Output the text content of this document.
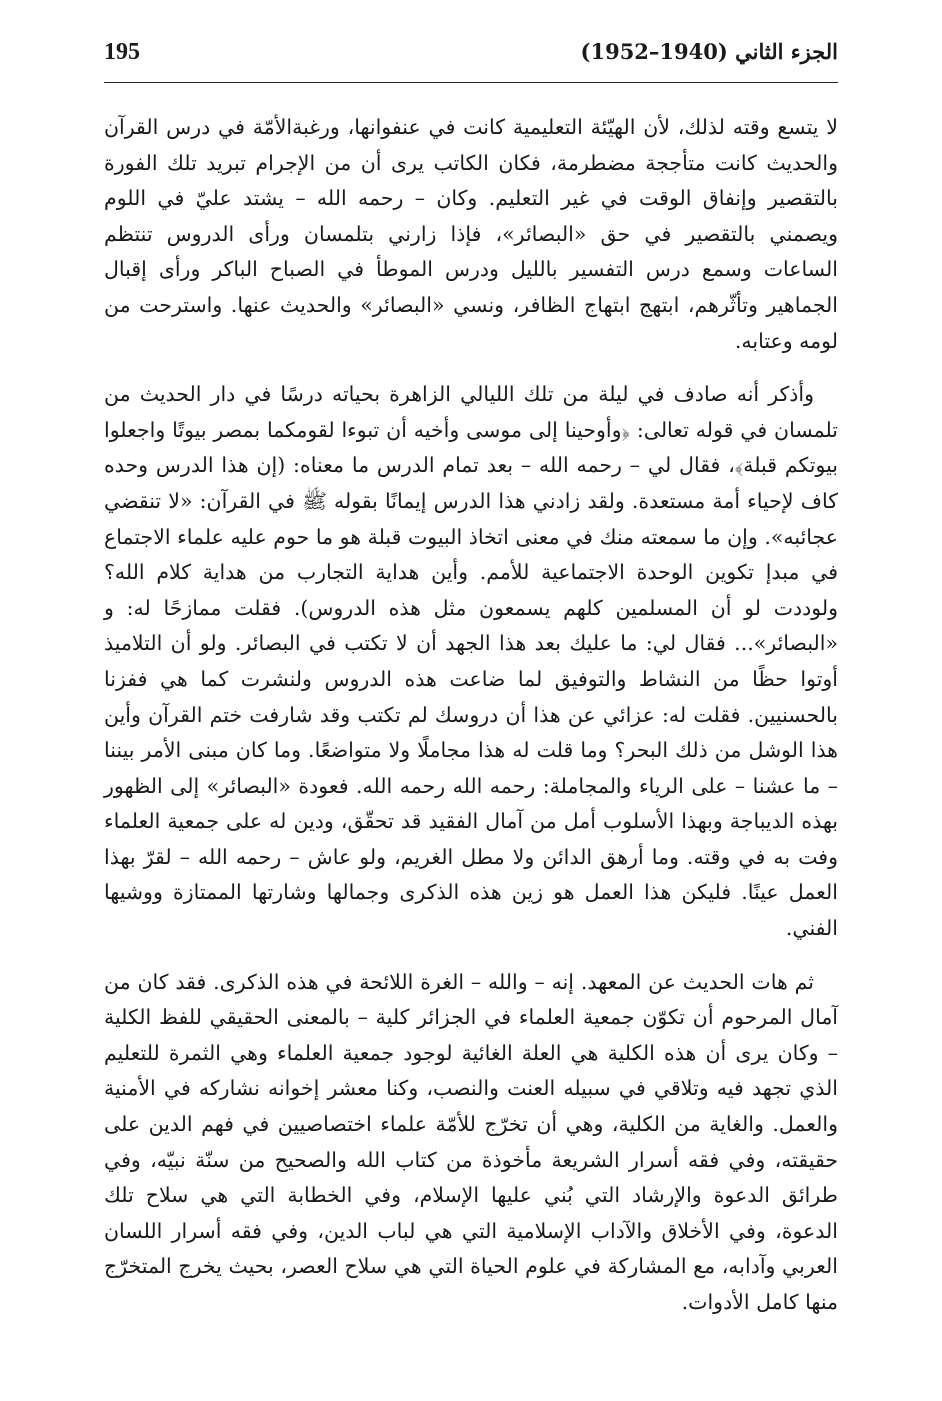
195	الجزء الثاني (1940–1952)

لا يتسع وقته لذلك، لأن الهيّئة التعليمية كانت في عنفوانها، ورغبةالأمّة في درس القرآن والحديث كانت متأججة مضطرمة، فكان الكاتب يرى أن من الإجرام تبريد تلك الفورة بالتقصير وإنفاق الوقت في غير التعليم. وكان – رحمه الله – يشتد عليّ في اللوم ويصمني بالتقصير في حق «البصائر»، فإذا زارني بتلمسان ورأى الدروس تنتظم الساعات وسمع درس التفسير بالليل ودرس الموطأ في الصباح الباكر ورأى إقبال الجماهير وتأثّرهم، ابتهج ابتهاج الظافر، ونسي «البصائر» والحديث عنها. واسترحت من لومه وعتابه.

وأذكر أنه صادف في ليلة من تلك الليالي الزاهرة بحياته درسًا في دار الحديث من تلمسان في قوله تعالى: ﴿وأوحينا إلى موسى وأخيه أن تبوءا لقومكما بمصر بيوتًا واجعلوا بيوتكم قبلة﴾، فقال لي – رحمه الله – بعد تمام الدرس ما معناه: (إن هذا الدرس وحده كاف لإحياء أمة مستعدة. ولقد زادني هذا الدرس إيمانًا بقوله ﷺ في القرآن: «لا تنقضي عجائبه». وإن ما سمعته منك في معنى اتخاذ البيوت قبلة هو ما حوم عليه علماء الاجتماع في مبدإ تكوين الوحدة الاجتماعية للأمم. وأين هداية التجارب من هداية كلام الله؟ ولوددت لو أن المسلمين كلهم يسمعون مثل هذه الدروس). فقلت ممازحًا له: و «البصائر»... فقال لي: ما عليك بعد هذا الجهد أن لا تكتب في البصائر. ولو أن التلاميذ أوتوا حظًا من النشاط والتوفيق لما ضاعت هذه الدروس ولنشرت كما هي ففزنا بالحسنيين. فقلت له: عزائي عن هذا أن دروسك لم تكتب وقد شارفت ختم القرآن وأين هذا الوشل من ذلك البحر؟ وما قلت له هذا مجاملًا ولا متواضعًا. وما كان مبنى الأمر بيننا – ما عشنا – على الرياء والمجاملة: رحمه الله رحمه الله. فعودة «البصائر» إلى الظهور بهذه الديباجة وبهذا الأسلوب أمل من آمال الفقيد قد تحقّق، ودين له على جمعية العلماء وفت به في وقته. وما أرهق الدائن ولا مطل الغريم، ولو عاش – رحمه الله – لقرّ بهذا العمل عينًا. فليكن هذا العمل هو زين هذه الذكرى وجمالها وشارتها الممتازة ووشيها الفني.

ثم هات الحديث عن المعهد. إنه – والله – الغرة اللائحة في هذه الذكرى. فقد كان من آمال المرحوم أن تكوّن جمعية العلماء في الجزائر كلية – بالمعنى الحقيقي للفظ الكلية – وكان يرى أن هذه الكلية هي العلة الغائية لوجود جمعية العلماء وهي الثمرة للتعليم الذي تجهد فيه وتلاقي في سبيله العنت والنصب، وكنا معشر إخوانه نشاركه في الأمنية والعمل. والغاية من الكلية، وهي أن تخرّج للأمّة علماء اختصاصيين في فهم الدين على حقيقته، وفي فقه أسرار الشريعة مأخوذة من كتاب الله والصحيح من سنّة نبيّه، وفي طرائق الدعوة والإرشاد التي بُني عليها الإسلام، وفي الخطابة التي هي سلاح تلك الدعوة، وفي الأخلاق والآداب الإسلامية التي هي لباب الدين، وفي فقه أسرار اللسان العربي وآدابه، مع المشاركة في علوم الحياة التي هي سلاح العصر، بحيث يخرج المتخرّج منها كامل الأدوات.
